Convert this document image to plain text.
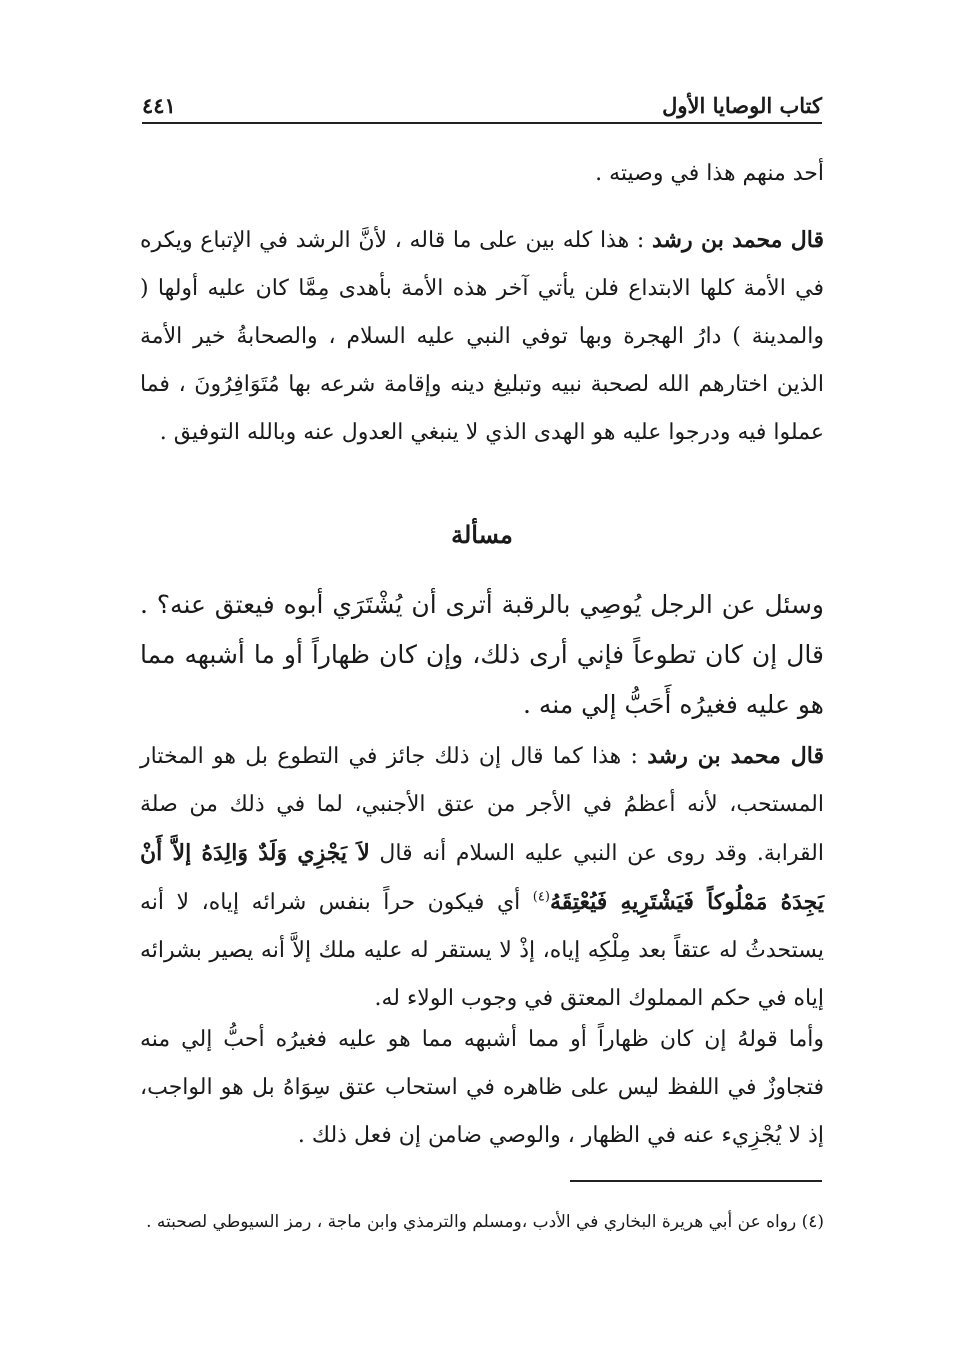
٤٤١	كتاب الوصايا الأول

أحد منهم هذا في وصيته .

قال محمد بن رشد : هذا كله بين على ما قاله ، لأنَّ الرشد في الإتباع ويكره في الأمة كلها الابتداع فلن يأتي آخر هذه الأمة بأهدى مِمَّا كان عليه أولها ( والمدينة ) دارُ الهجرة وبها توفي النبي عليه السلام ، والصحابةُ خير الأمة الذين اختارهم الله لصحبة نبيه وتبليغ دينه وإقامة شرعه بها مُتَوَافِرُونَ ، فما عملوا فيه ودرجوا عليه هو الهدى الذي لا ينبغي العدول عنه وبالله التوفيق .

مسألة

وسئل عن الرجل يُوصِي بالرقبة أترى أن يُشْتَرَي أبوه فيعتق عنه؟ . قال إن كان تطوعاً فإني أرى ذلك، وإن كان ظهاراً أو ما أشبهه مما هو عليه فغيرُه أَحَبُّ إلي منه .

قال محمد بن رشد : هذا كما قال إن ذلك جائز في التطوع بل هو المختار المستحب، لأنه أعظمُ في الأجر من عتق الأجنبي، لما في ذلك من صلة القرابة. وقد روى عن النبي عليه السلام أنه قال لاَ يَجْزِي وَلَدٌ وَالِدَهُ إلاَّ أَنْ يَجِدَهُ مَمْلُوكاً فَيَشْتَرِيهِ فَيُعْتِقَهُ$^{(٤)}$ أي فيكون حراً بنفس شرائه إياه، لا أنه يستحدثُ له عتقاً بعد مِلْكِه إياه، إذْ لا يستقر له عليه ملك إلاَّ أنه يصير بشرائه إياه في حكم المملوك المعتق في وجوب الولاء له.

وأما قولهُ إن كان ظهاراً أو مما أشبهه مما هو عليه فغيرُه أحبُّ إلي منه فتجاوزٌ في اللفظ ليس على ظاهره في استحاب عتق سِوَاهُ بل هو الواجب، إذ لا يُجْزِيء عنه في الظهار ، والوصي ضامن إن فعل ذلك .

(٤) رواه عن أبي هريرة البخاري في الأدب ،ومسلم والترمذي وابن ماجة ، رمز السيوطي لصحبته .
